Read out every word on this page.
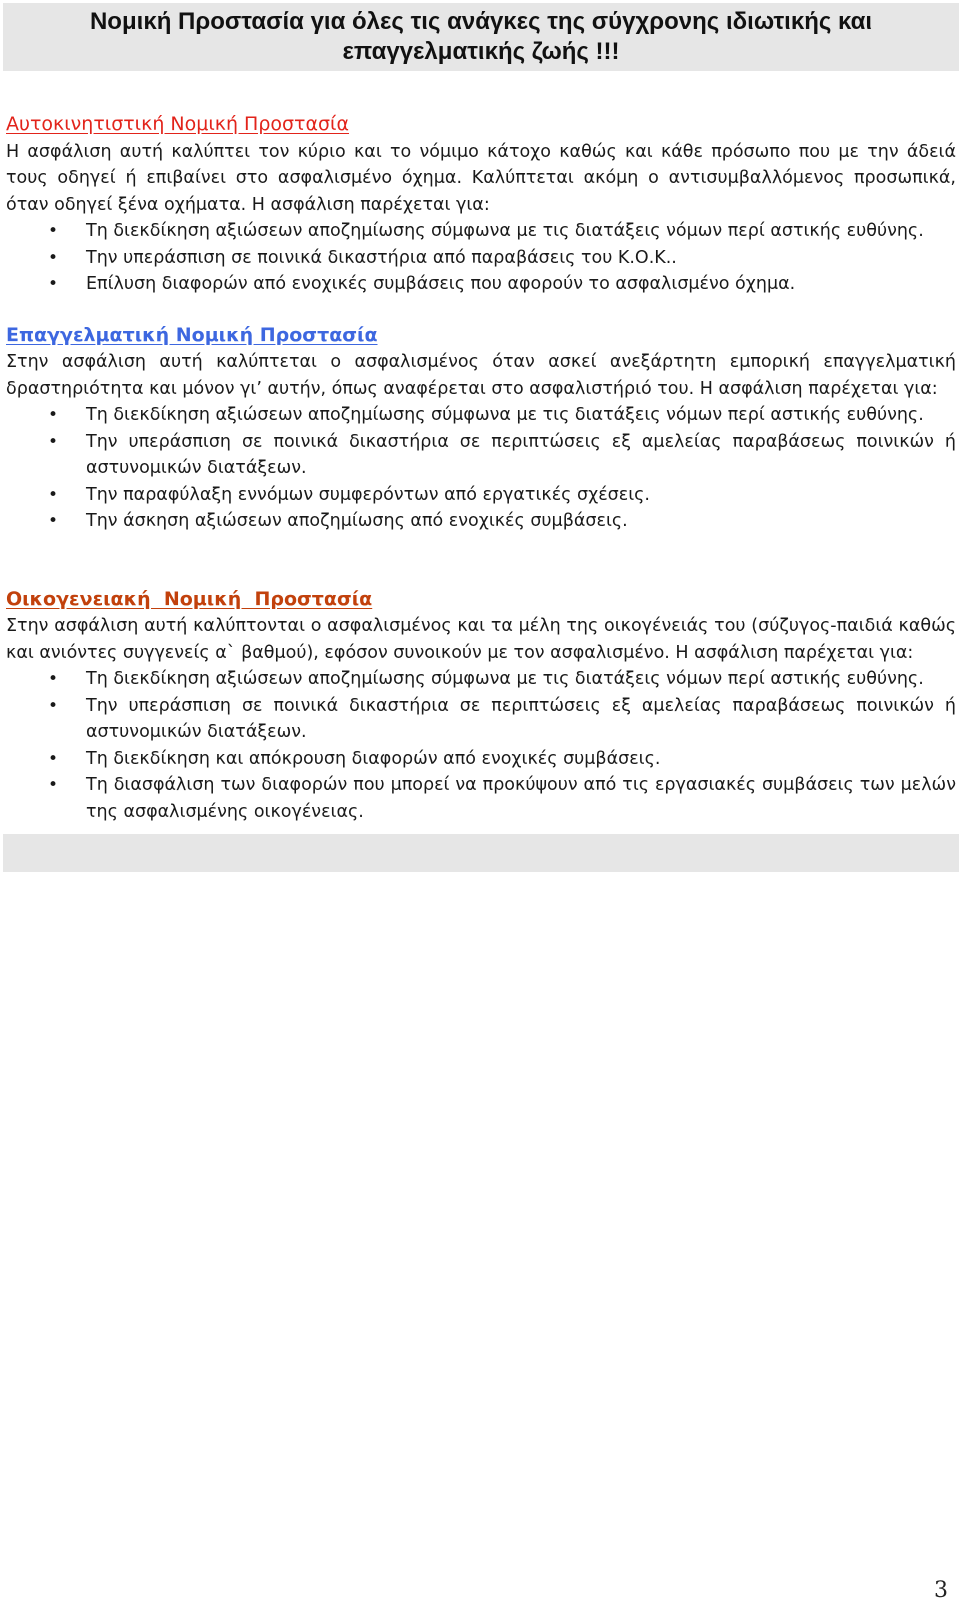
Νομική Προστασία για όλες τις ανάγκες της σύγχρονης ιδιωτικής και επαγγελματικής ζωής !!!
Αυτοκινητιστική Νομική Προστασία

Η ασφάλιση αυτή καλύπτει τον κύριο και το νόμιμο κάτοχο καθώς και κάθε πρόσωπο που με την άδειά τους οδηγεί ή επιβαίνει στο ασφαλισμένο όχημα. Καλύπτεται ακόμη ο αντισυμβαλλόμενος προσωπικά, όταν οδηγεί ξένα οχήματα. Η ασφάλιση παρέχεται για:

• Τη διεκδίκηση αξιώσεων αποζημίωσης σύμφωνα με τις διατάξεις νόμων περί αστικής ευθύνης.
• Την υπεράσπιση σε ποινικά δικαστήρια από παραβάσεις του Κ.Ο.Κ..
• Επίλυση διαφορών από ενοχικές συμβάσεις που αφορούν το ασφαλισμένο όχημα.
Επαγγελματική Νομική Προστασία

Στην ασφάλιση αυτή καλύπτεται ο ασφαλισμένος όταν ασκεί ανεξάρτητη εμπορική επαγγελματική δραστηριότητα και μόνον γι’ αυτήν, όπως αναφέρεται στο ασφαλιστήριό του. Η ασφάλιση παρέχεται για:

• Τη διεκδίκηση αξιώσεων αποζημίωσης σύμφωνα με τις διατάξεις νόμων περί αστικής ευθύνης.
• Την υπεράσπιση σε ποινικά δικαστήρια σε περιπτώσεις εξ αμελείας παραβάσεως ποινικών ή αστυνομικών διατάξεων.
• Την παραφύλαξη εννόμων συμφερόντων από εργατικές σχέσεις.
• Την άσκηση αξιώσεων αποζημίωσης από ενοχικές συμβάσεις.
Οικογενειακή  Νομική  Προστασία

Στην ασφάλιση αυτή καλύπτονται ο ασφαλισμένος και τα μέλη της οικογένειάς του (σύζυγος-παιδιά καθώς και ανιόντες συγγενείς α` βαθμού), εφόσον συνοικούν με τον ασφαλισμένο. Η ασφάλιση παρέχεται για:

• Τη διεκδίκηση αξιώσεων αποζημίωσης σύμφωνα με τις διατάξεις νόμων περί αστικής ευθύνης.
• Την υπεράσπιση σε ποινικά δικαστήρια σε περιπτώσεις εξ αμελείας παραβάσεως ποινικών ή αστυνομικών διατάξεων.
• Τη διεκδίκηση και απόκρουση διαφορών από ενοχικές συμβάσεις.
• Τη διασφάλιση των διαφορών που μπορεί να προκύψουν από τις εργασιακές συμβάσεις των μελών της ασφαλισμένης οικογένειας.
3
